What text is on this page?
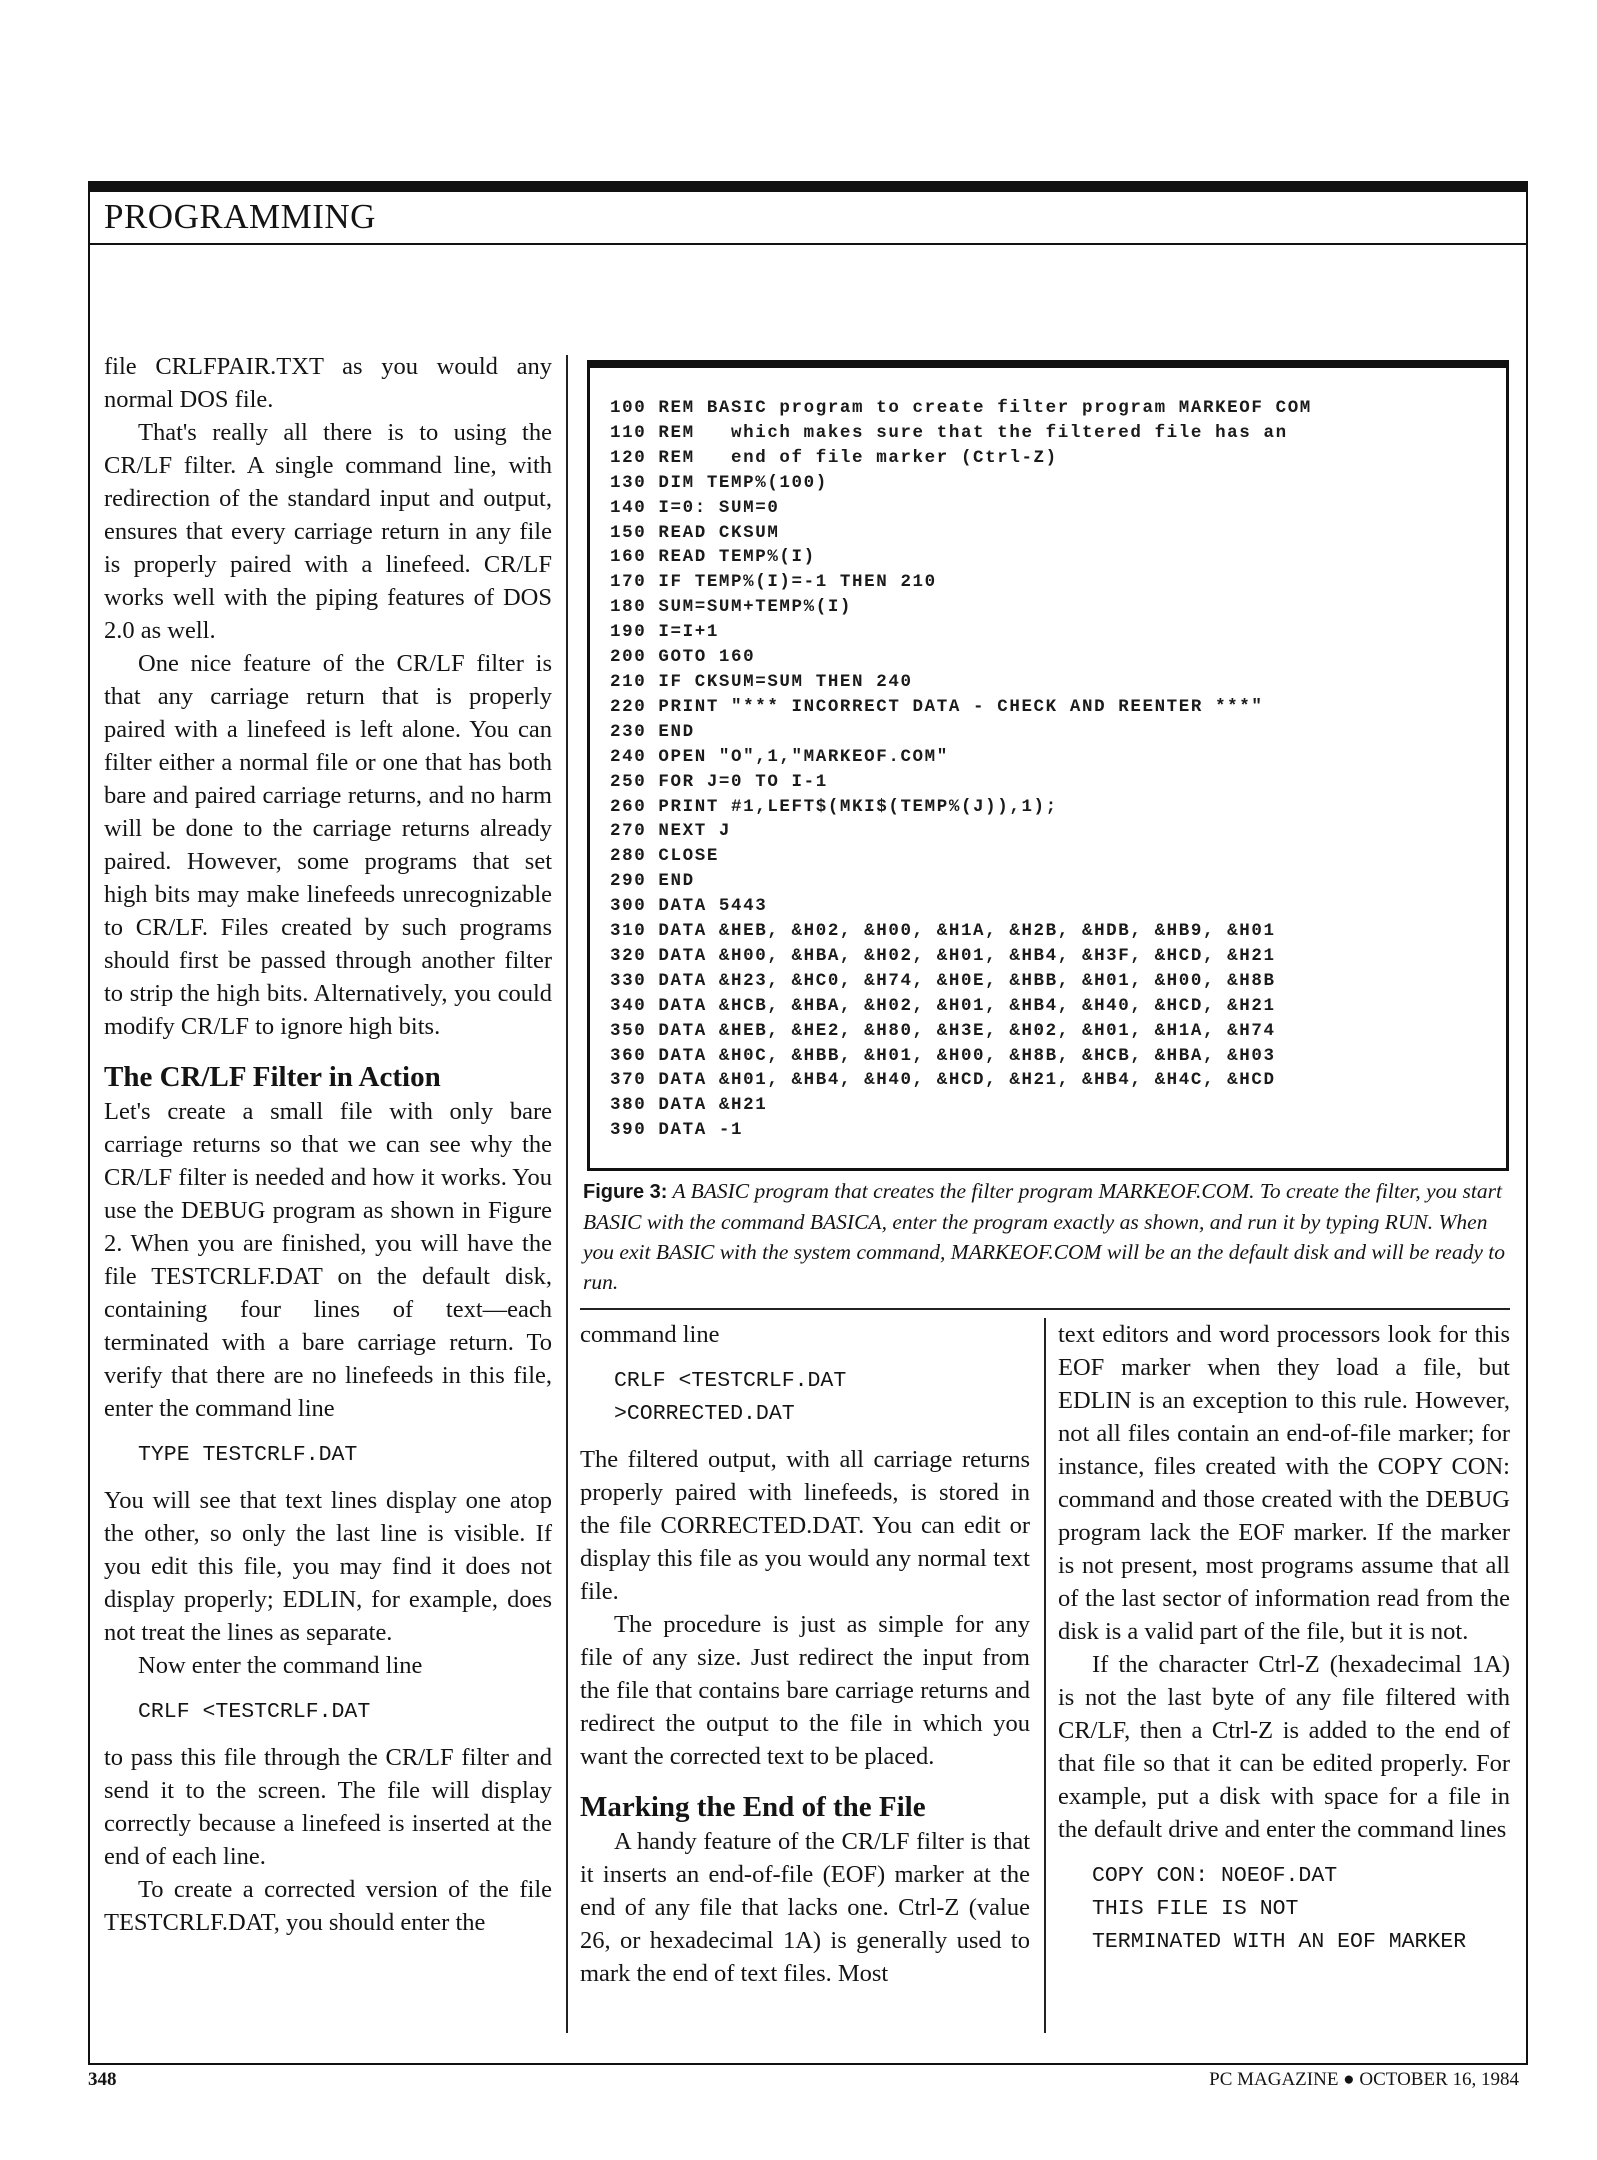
PROGRAMMING

file CRLFPAIR.TXT as you would any normal DOS file.

That's really all there is to using the CR/LF filter. A single command line, with redirection of the standard input and output, ensures that every carriage return in any file is properly paired with a linefeed. CR/LF works well with the piping features of DOS 2.0 as well.

One nice feature of the CR/LF filter is that any carriage return that is properly paired with a linefeed is left alone. You can filter either a normal file or one that has both bare and paired carriage returns, and no harm will be done to the carriage returns already paired. However, some programs that set high bits may make linefeeds unrecognizable to CR/LF. Files created by such programs should first be passed through another filter to strip the high bits. Alternatively, you could modify CR/LF to ignore high bits.

The CR/LF Filter in Action

Let's create a small file with only bare carriage returns so that we can see why the CR/LF filter is needed and how it works. You use the DEBUG program as shown in Figure 2. When you are finished, you will have the file TESTCRLF.DAT on the default disk, containing four lines of text—each terminated with a bare carriage return. To verify that there are no linefeeds in this file, enter the command line

TYPE TESTCRLF.DAT

You will see that text lines display one atop the other, so only the last line is visible. If you edit this file, you may find it does not display properly; EDLIN, for example, does not treat the lines as separate.

Now enter the command line

CRLF <TESTCRLF.DAT

to pass this file through the CR/LF filter and send it to the screen. The file will display correctly because a linefeed is inserted at the end of each line.

To create a corrected version of the file TESTCRLF.DAT, you should enter the

100 REM BASIC program to create filter program MARKEOF COM
110 REM   which makes sure that the filtered file has an
120 REM   end of file marker (Ctrl-Z)
130 DIM TEMP%(100)
140 I=0: SUM=0
150 READ CKSUM
160 READ TEMP%(I)
170 IF TEMP%(I)=-1 THEN 210
180 SUM=SUM+TEMP%(I)
190 I=I+1
200 GOTO 160
210 IF CKSUM=SUM THEN 240
220 PRINT "*** INCORRECT DATA - CHECK AND REENTER ***"
230 END
240 OPEN "O",1,"MARKEOF.COM"
250 FOR J=0 TO I-1
260 PRINT #1,LEFT$(MKI$(TEMP%(J)),1);
270 NEXT J
280 CLOSE
290 END
300 DATA 5443
310 DATA &HEB, &H02, &H00, &H1A, &H2B, &HDB, &HB9, &H01
320 DATA &H00, &HBA, &H02, &H01, &HB4, &H3F, &HCD, &H21
330 DATA &H23, &HC0, &H74, &H0E, &HBB, &H01, &H00, &H8B
340 DATA &HCB, &HBA, &H02, &H01, &HB4, &H40, &HCD, &H21
350 DATA &HEB, &HE2, &H80, &H3E, &H02, &H01, &H1A, &H74
360 DATA &H0C, &HBB, &H01, &H00, &H8B, &HCB, &HBA, &H03
370 DATA &H01, &HB4, &H40, &HCD, &H21, &HB4, &H4C, &HCD
380 DATA &H21
390 DATA -1
Figure 3: A BASIC program that creates the filter program MARKEOF.COM. To create the filter, you start BASIC with the command BASICA, enter the program exactly as shown, and run it by typing RUN. When you exit BASIC with the system command, MARKEOF.COM will be an the default disk and will be ready to run.

command line

CRLF <TESTCRLF.DAT
>CORRECTED.DAT

The filtered output, with all carriage returns properly paired with linefeeds, is stored in the file CORRECTED.DAT. You can edit or display this file as you would any normal text file.

The procedure is just as simple for any file of any size. Just redirect the input from the file that contains bare carriage returns and redirect the output to the file in which you want the corrected text to be placed.

Marking the End of the File

A handy feature of the CR/LF filter is that it inserts an end-of-file (EOF) marker at the end of any file that lacks one. Ctrl-Z (value 26, or hexadecimal 1A) is generally used to mark the end of text files. Most

text editors and word processors look for this EOF marker when they load a file, but EDLIN is an exception to this rule. However, not all files contain an end-of-file marker; for instance, files created with the COPY CON: command and those created with the DEBUG program lack the EOF marker. If the marker is not present, most programs assume that all of the last sector of information read from the disk is a valid part of the file, but it is not.

If the character Ctrl-Z (hexadecimal 1A) is not the last byte of any file filtered with CR/LF, then a Ctrl-Z is added to the end of that file so that it can be edited properly. For example, put a disk with space for a file in the default drive and enter the command lines

COPY CON: NOEOF.DAT
THIS FILE IS NOT
TERMINATED WITH AN EOF MARKER
348	PC MAGAZINE ● OCTOBER 16, 1984
